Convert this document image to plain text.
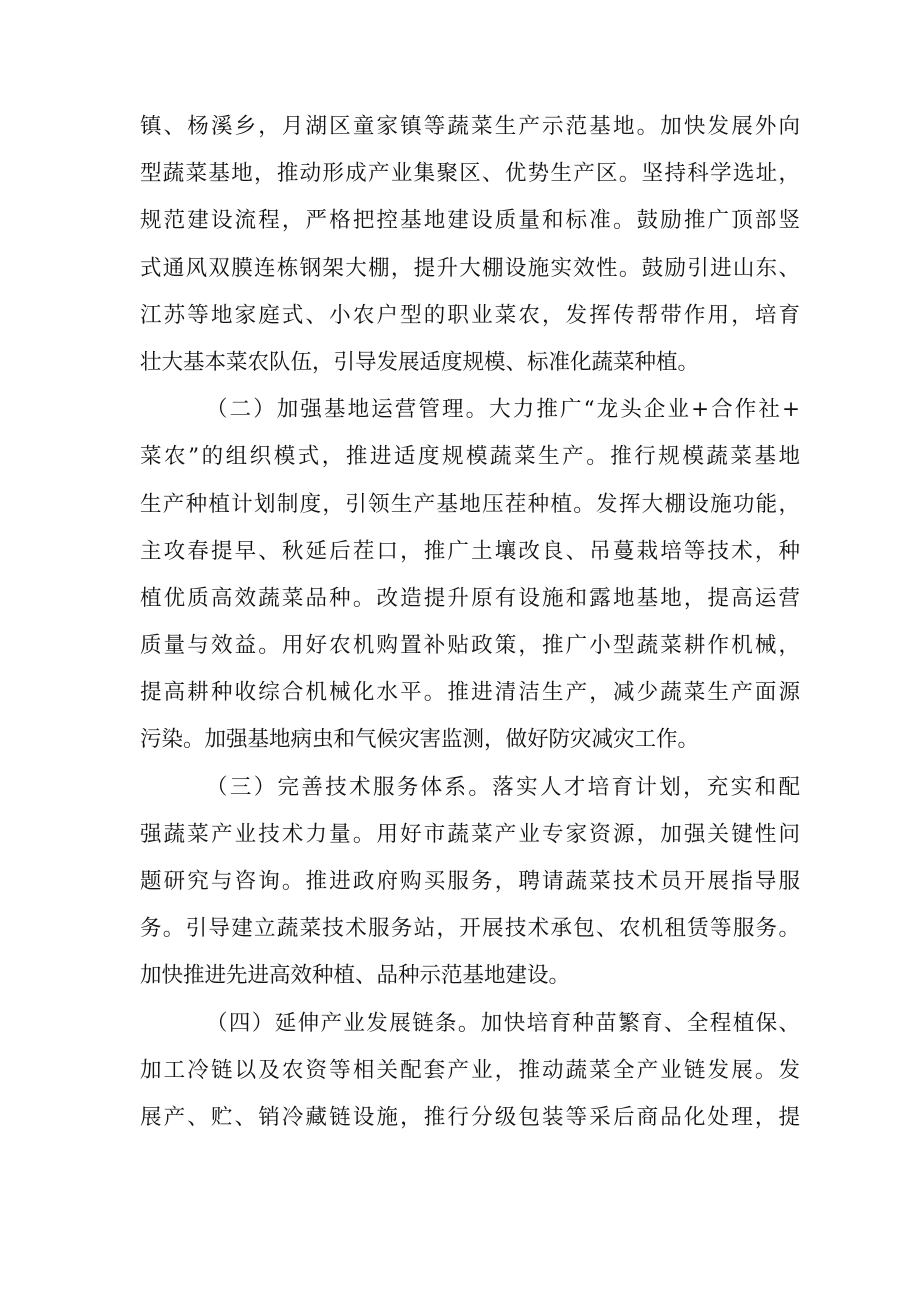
镇、杨溪乡，月湖区童家镇等蔬菜生产示范基地。加快发展外向
型蔬菜基地，推动形成产业集聚区、优势生产区。坚持科学选址，
规范建设流程，严格把控基地建设质量和标准。鼓励推广顶部竖
式通风双膜连栋钢架大棚，提升大棚设施实效性。鼓励引进山东、
江苏等地家庭式、小农户型的职业菜农，发挥传帮带作用，培育
壮大基本菜农队伍，引导发展适度规模、标准化蔬菜种植。
（二）加强基地运营管理。大力推广“龙头企业+合作社+
菜农”的组织模式，推进适度规模蔬菜生产。推行规模蔬菜基地
生产种植计划制度，引领生产基地压茬种植。发挥大棚设施功能，
主攻春提早、秋延后茬口，推广土壤改良、吊蔓栽培等技术，种
植优质高效蔬菜品种。改造提升原有设施和露地基地，提高运营
质量与效益。用好农机购置补贴政策，推广小型蔬菜耕作机械，
提高耕种收综合机械化水平。推进清洁生产，减少蔬菜生产面源
污染。加强基地病虫和气候灾害监测，做好防灾减灾工作。
（三）完善技术服务体系。落实人才培育计划，充实和配
强蔬菜产业技术力量。用好市蔬菜产业专家资源，加强关键性问
题研究与咨询。推进政府购买服务，聘请蔬菜技术员开展指导服
务。引导建立蔬菜技术服务站，开展技术承包、农机租赁等服务。
加快推进先进高效种植、品种示范基地建设。
（四）延伸产业发展链条。加快培育种苗繁育、全程植保、
加工冷链以及农资等相关配套产业，推动蔬菜全产业链发展。发
展产、贮、销冷藏链设施，推行分级包装等采后商品化处理，提
